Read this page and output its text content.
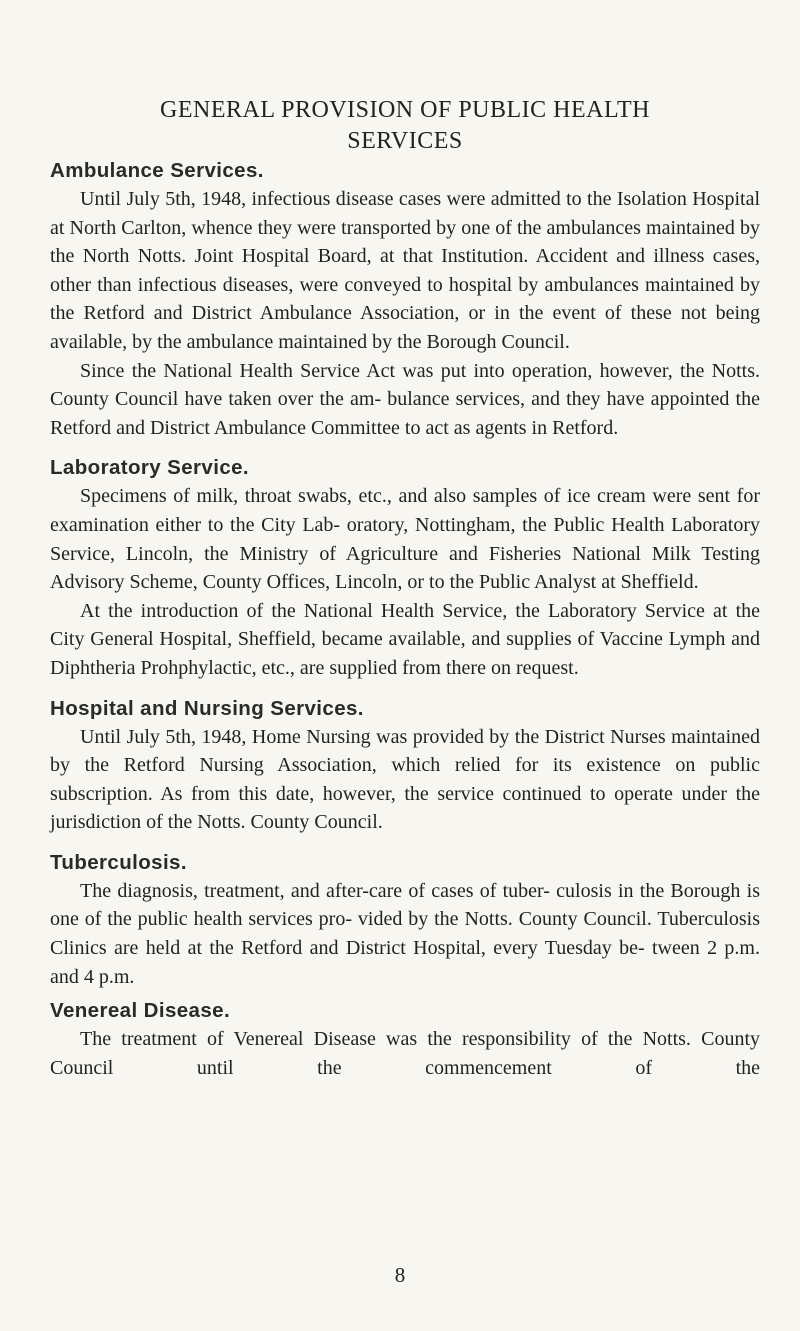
GENERAL PROVISION OF PUBLIC HEALTH
SERVICES
Ambulance Services.

Until July 5th, 1948, infectious disease cases were admitted to the Isolation Hospital at North Carlton, whence they were transported by one of the ambulances maintained by the North Notts. Joint Hospital Board, at that Institution. Accident and illness cases, other than infectious diseases, were conveyed to hospital by ambulances maintained by the Retford and District Ambulance Association, or in the event of these not being available, by the ambulance maintained by the Borough Council.

Since the National Health Service Act was put into operation, however, the Notts. County Council have taken over the am- bulance services, and they have appointed the Retford and District Ambulance Committee to act as agents in Retford.

Laboratory Service.

Specimens of milk, throat swabs, etc., and also samples of ice cream were sent for examination either to the City Lab- oratory, Nottingham, the Public Health Laboratory Service, Lincoln, the Ministry of Agriculture and Fisheries National Milk Testing Advisory Scheme, County Offices, Lincoln, or to the Public Analyst at Sheffield.

At the introduction of the National Health Service, the Laboratory Service at the City General Hospital, Sheffield, became available, and supplies of Vaccine Lymph and Diphtheria Prohphylactic, etc., are supplied from there on request.

Hospital and Nursing Services.

Until July 5th, 1948, Home Nursing was provided by the District Nurses maintained by the Retford Nursing Association, which relied for its existence on public subscription. As from this date, however, the service continued to operate under the jurisdiction of the Notts. County Council.

Tuberculosis.

The diagnosis, treatment, and after-care of cases of tuber- culosis in the Borough is one of the public health services pro- vided by the Notts. County Council. Tuberculosis Clinics are held at the Retford and District Hospital, every Tuesday be- tween 2 p.m. and 4 p.m.

Venereal Disease.

The treatment of Venereal Disease was the responsibility of the Notts. County Council until the commencement of the

8
